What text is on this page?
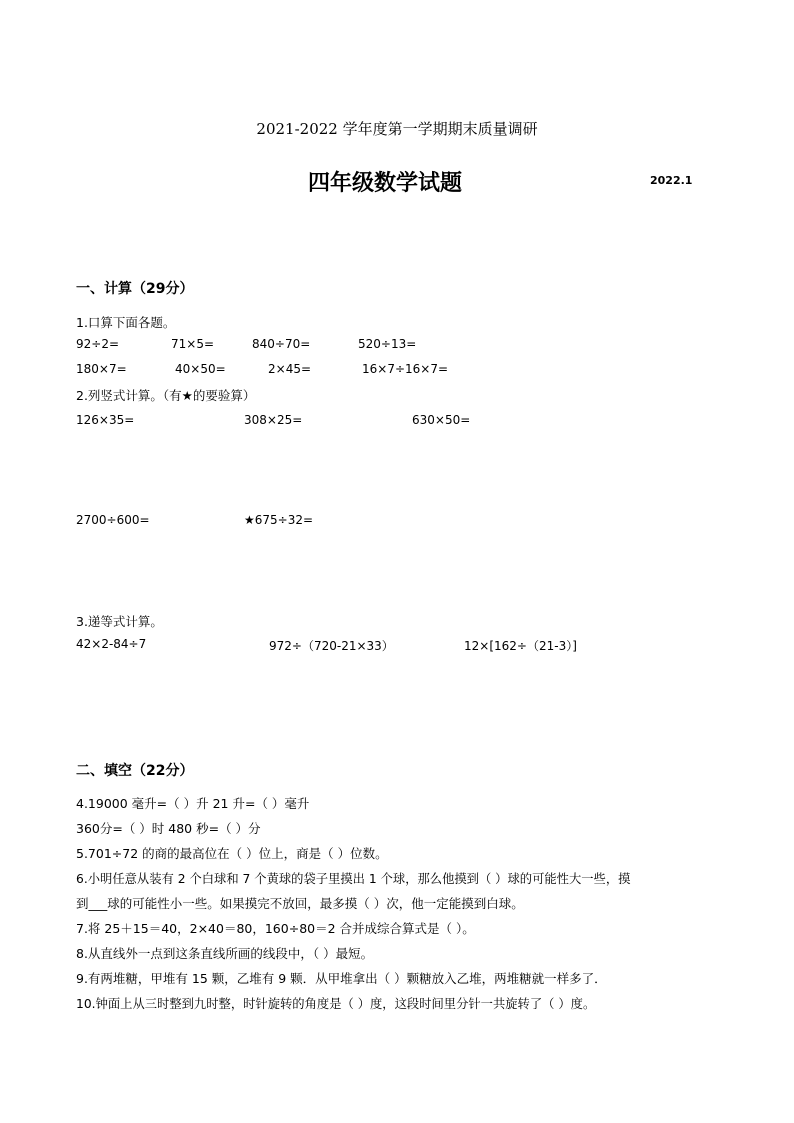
2021-2022 学年度第一学期期末质量调研
四年级数学试题	2022.1
一、计算（29分）
1.口算下面各题。
92÷2=	71×5=	840÷70=	520÷13=
180×7=	40×50=	2×45=	16×7÷16×7=
2.列竖式计算。（有★的要验算）
126×35=	308×25=	630×50=
2700÷600=	★675÷32=
3.递等式计算。
42×2-84÷7	972÷（720-21×33）	12×[162÷（21-3）]
二、填空（22分）
4.19000 毫升=（ ）升 21 升=（ ）毫升
360分=（ ）时 480 秒=（ ）分
5.701÷72 的商的最高位在（ ）位上，商是（ ）位数。
6.小明任意从装有 2 个白球和 7 个黄球的袋子里摸出 1 个球，那么他摸到（ ）球的可能性大一些，摸
到___球的可能性小一些。如果摸完不放回，最多摸（ ）次，他一定能摸到白球。
7.将 25＋15＝40，2×40＝80，160÷80＝2 合并成综合算式是（ ）。
8.从直线外一点到这条直线所画的线段中，（ ）最短。
9.有两堆糖，甲堆有 15 颗，乙堆有 9 颗．从甲堆拿出（ ）颗糖放入乙堆，两堆糖就一样多了．
10.钟面上从三时整到九时整，时针旋转的角度是（ ）度，这段时间里分针一共旋转了（ ）度。
